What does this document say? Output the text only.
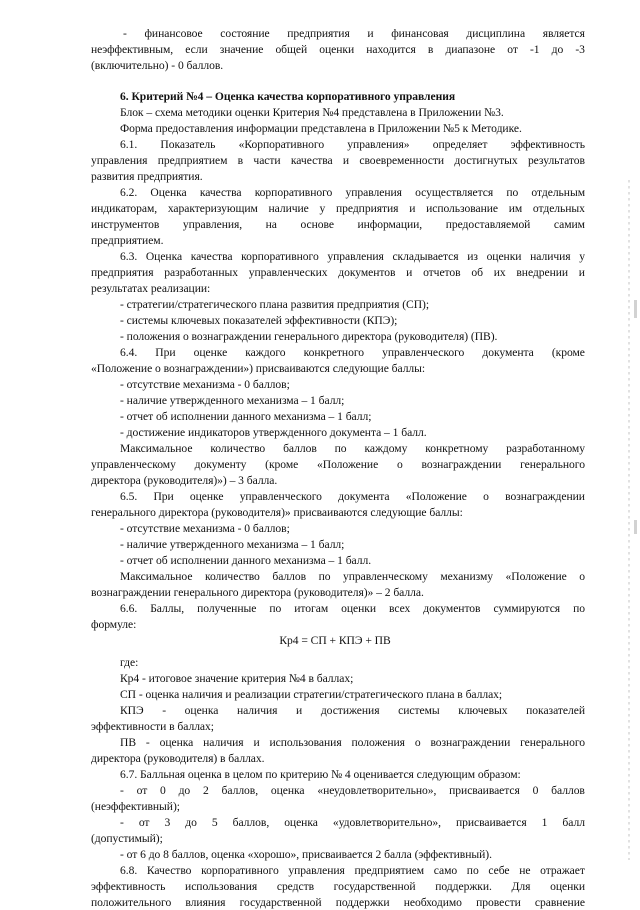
- финансовое состояние предприятия и финансовая дисциплина является
неэффективным, если значение общей оценки находится в диапазоне от -1 до -3
(включительно) - 0 баллов.
6. Критерий №4 – Оценка качества корпоративного управления
Блок – схема методики оценки Критерия №4 представлена в Приложении №3.
Форма предоставления информации представлена в Приложении №5 к Методике.
6.1. Показатель «Корпоративного управления» определяет эффективность
управления предприятием в части качества и своевременности достигнутых результатов
развития предприятия.
6.2. Оценка качества корпоративного управления осуществляется по отдельным
индикаторам, характеризующим наличие у предприятия и использование им отдельных
инструментов управления, на основе информации, предоставляемой самим
предприятием.
6.3. Оценка качества корпоративного управления складывается из оценки наличия у
предприятия разработанных управленческих документов и отчетов об их внедрении и
результатах реализации:
- стратегии/стратегического плана развития предприятия (СП);
- системы ключевых показателей эффективности (КПЭ);
- положения о вознаграждении генерального директора (руководителя) (ПВ).
6.4. При оценке каждого конкретного управленческого документа (кроме
«Положение о вознаграждении») присваиваются следующие баллы:
- отсутствие механизма - 0 баллов;
- наличие утвержденного механизма – 1 балл;
- отчет об исполнении данного механизма – 1 балл;
- достижение индикаторов утвержденного документа – 1 балл.
Максимальное количество баллов по каждому конкретному разработанному
управленческому документу (кроме «Положение о вознаграждении генерального
директора (руководителя)») – 3 балла.
6.5. При оценке управленческого документа «Положение о вознаграждении
генерального директора (руководителя)» присваиваются следующие баллы:
- отсутствие механизма - 0 баллов;
- наличие утвержденного механизма – 1 балл;
- отчет об исполнении данного механизма – 1 балл.
Максимальное количество баллов по управленческому механизму «Положение о
вознаграждении генерального директора (руководителя)» – 2 балла.
6.6. Баллы, полученные по итогам оценки всех документов суммируются по
формуле:
Кр4 = СП + КПЭ + ПВ
где:
Кр4 - итоговое значение критерия №4 в баллах;
СП - оценка наличия и реализации стратегии/стратегического плана в баллах;
КПЭ - оценка наличия и достижения системы ключевых показателей
эффективности в баллах;
ПВ - оценка наличия и использования положения о вознаграждении генерального
директора (руководителя) в баллах.
6.7. Балльная оценка в целом по критерию № 4 оценивается следующим образом:
- от 0 до 2 баллов, оценка «неудовлетворительно», присваивается 0 баллов
(неэффективный);
- от 3 до 5 баллов, оценка «удовлетворительно», присваивается 1 балл
(допустимый);
- от 6 до 8 баллов, оценка «хорошо», присваивается 2 балла (эффективный).
6.8. Качество корпоративного управления предприятием само по себе не отражает
эффективность использования средств государственной поддержки. Для оценки
положительного влияния государственной поддержки необходимо провести сравнение
